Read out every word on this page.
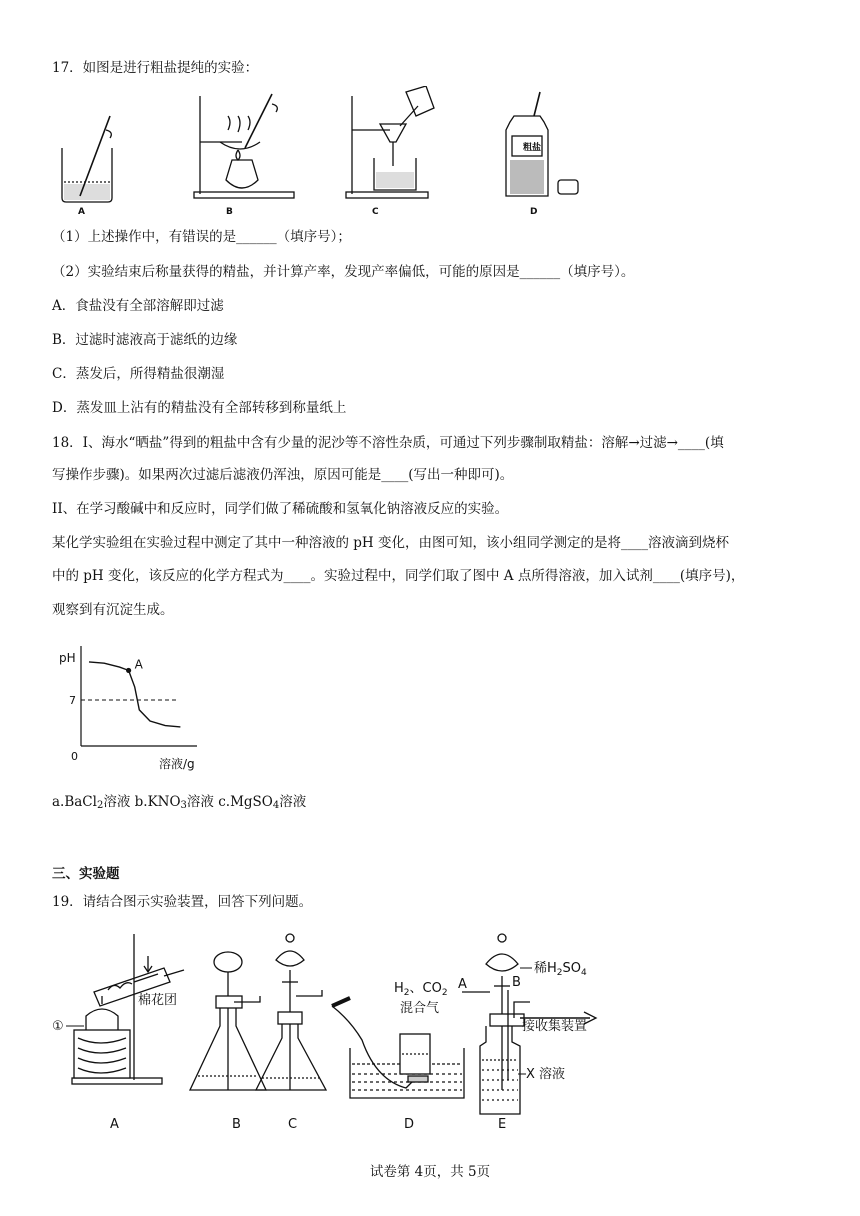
17．如图是进行粗盐提纯的实验：
粗盐
A	B	C	D
（1）上述操作中，有错误的是______（填序号）；
（2）实验结束后称量获得的精盐，并计算产率，发现产率偏低，可能的原因是______（填序号）。
A．食盐没有全部溶解即过滤
B．过滤时滤液高于滤纸的边缘
C．蒸发后，所得精盐很潮湿
D．蒸发皿上沾有的精盐没有全部转移到称量纸上
18．I、海水“晒盐”得到的粗盐中含有少量的泥沙等不溶性杂质，可通过下列步骤制取精盐：溶解→过滤→____(填
写操作步骤)。如果两次过滤后滤液仍浑浊，原因可能是____(写出一种即可)。
II、在学习酸碱中和反应时，同学们做了稀硫酸和氢氧化钠溶液反应的实验。
某化学实验组在实验过程中测定了其中一种溶液的 pH 变化，由图可知，该小组同学测定的是将____溶液滴到烧杯
中的 pH 变化，该反应的化学方程式为____。实验过程中，同学们取了图中 A 点所得溶液，加入试剂____(填序号)，
观察到有沉淀生成。
A
pH
7
0
溶液/g
a.BaCl$_2$溶液 $b.KNO_3$溶液 c.MgSO$_4$溶液
三、实验题
19．请结合图示实验装置，回答下列问题。
①
棉花团
$H_2$、$CO_2$
混合气
A	B
稀$H_2SO_4$
接收集装置
X 溶液
A	B	C	D	E
试卷第 4页，共 5页
